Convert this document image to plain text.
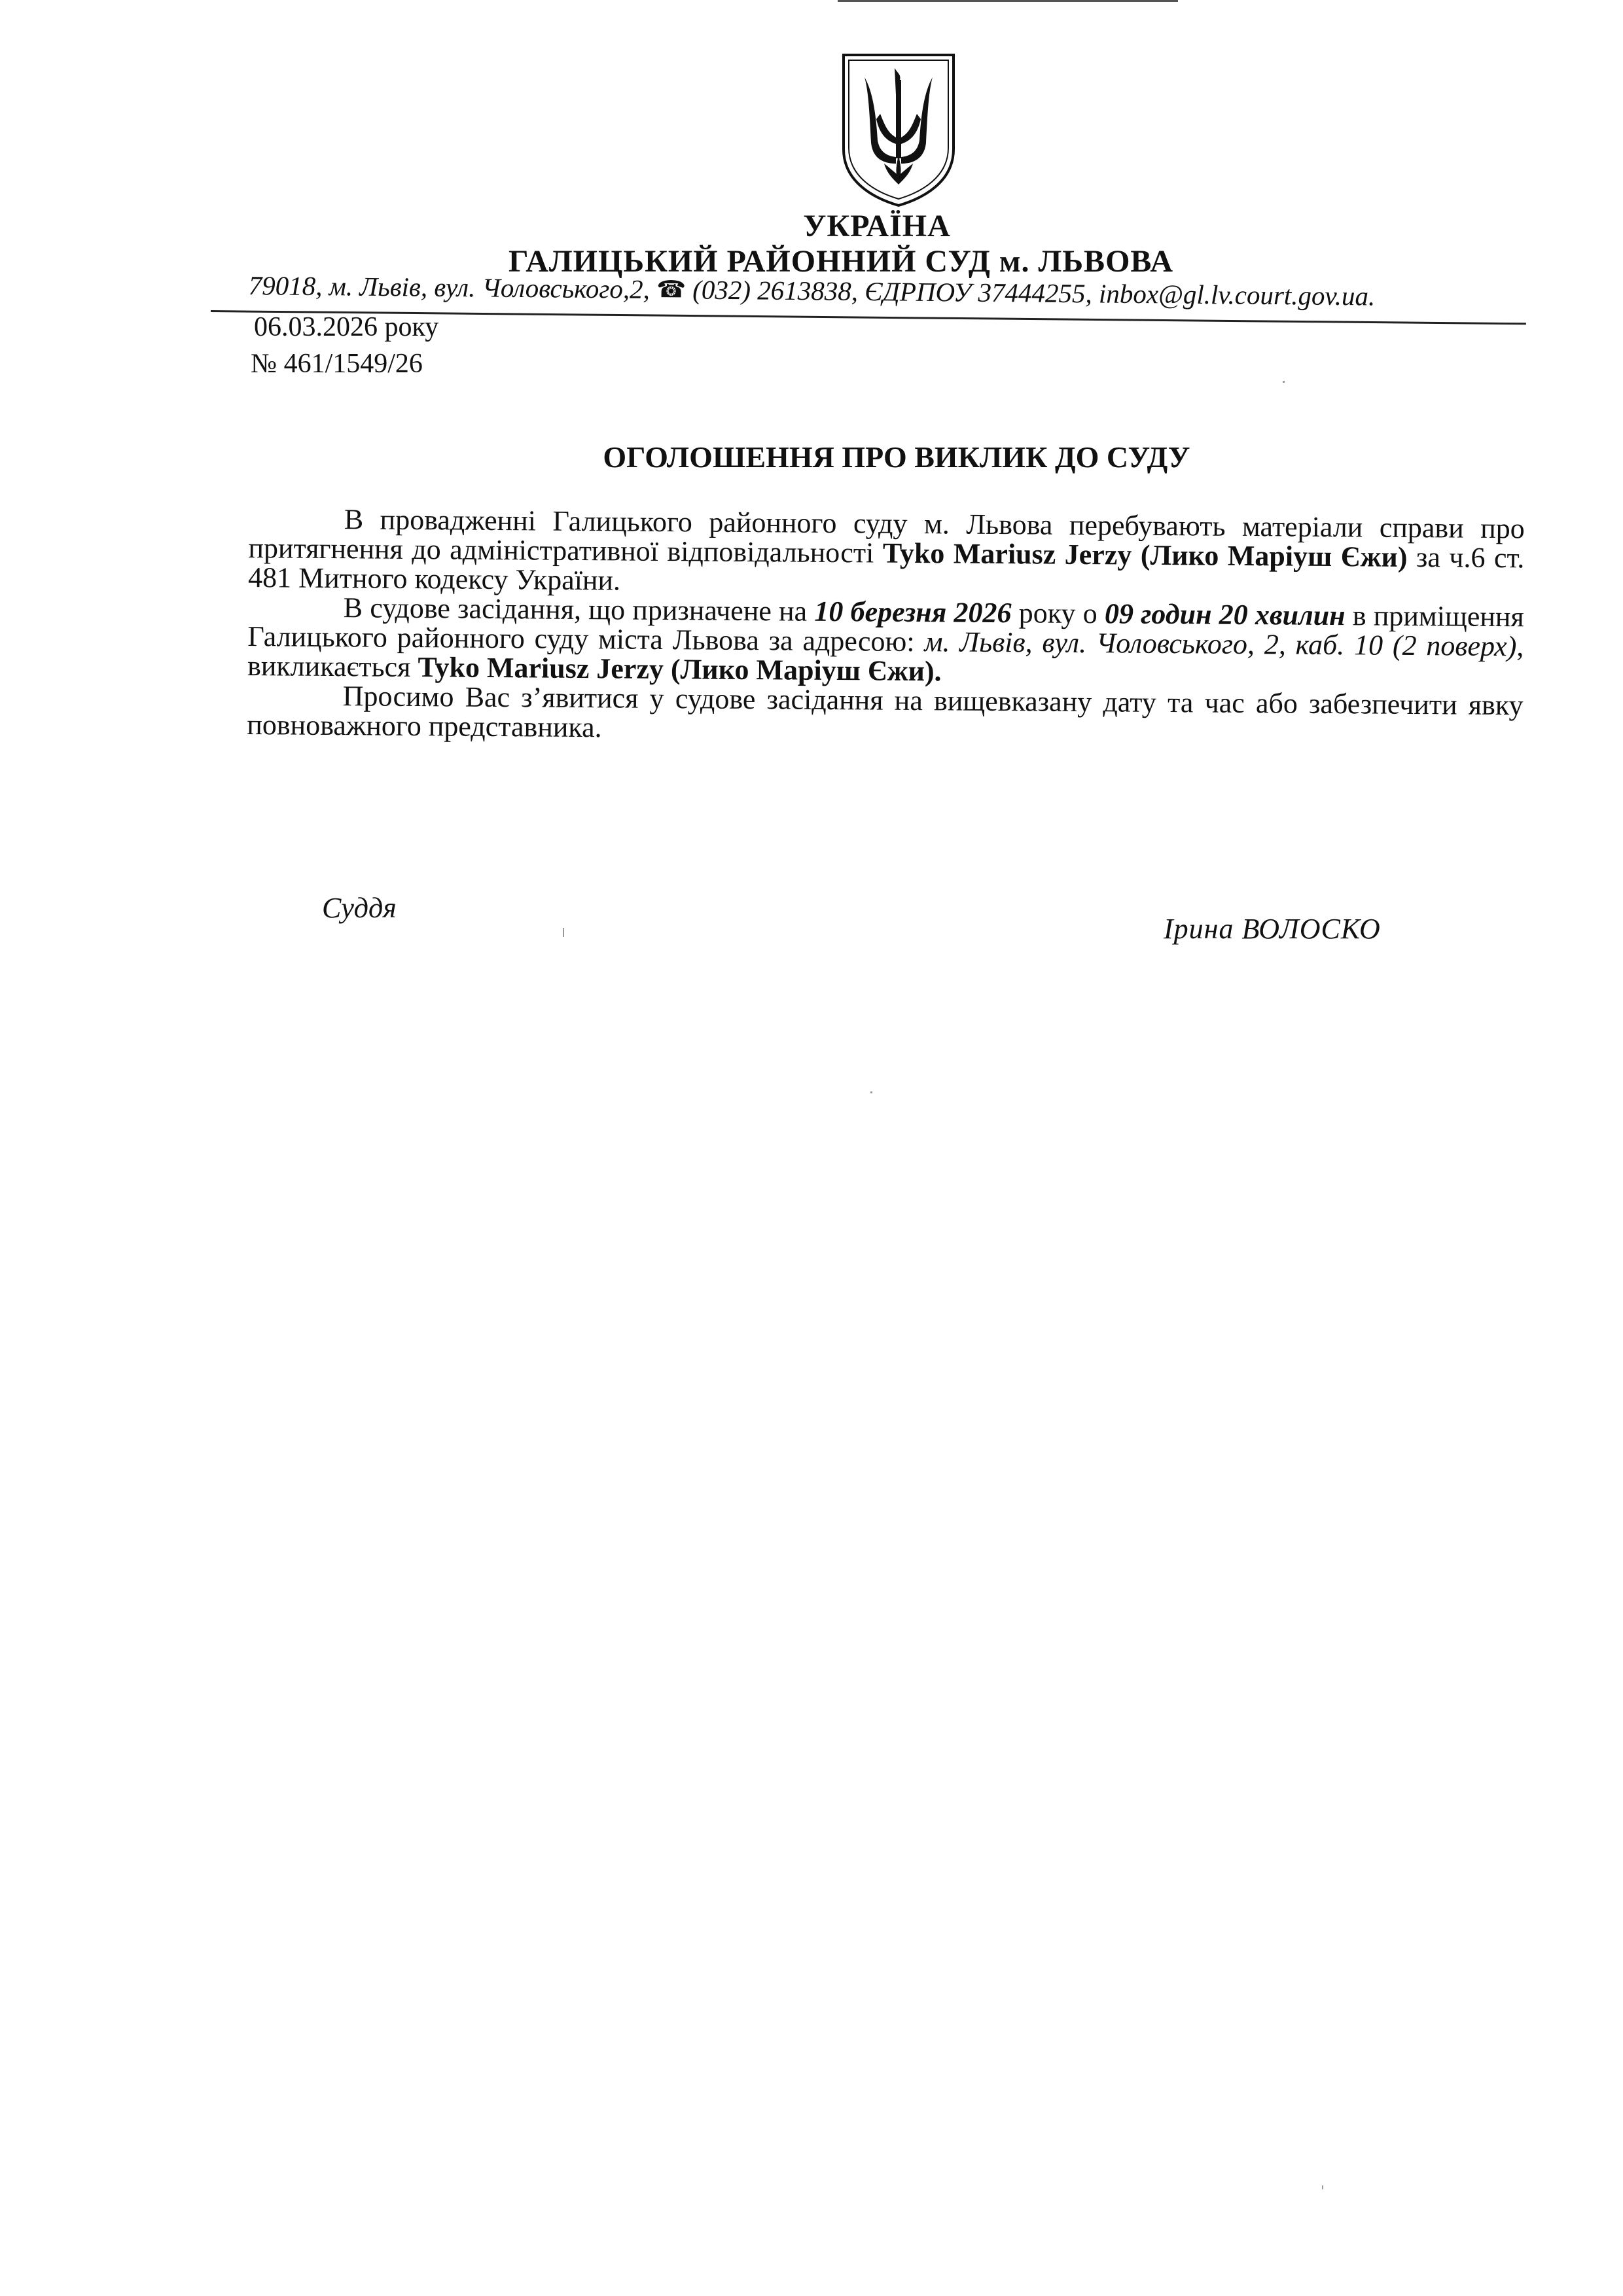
УКРАЇНА
ГАЛИЦЬКИЙ РАЙОННИЙ СУД м. ЛЬВОВА
79018, м. Львів, вул. Чоловського,2, ☎ (032) 2613838, ЄДРПОУ 37444255, inbox@gl.lv.court.gov.ua.
06.03.2026 року
№ 461/1549/26
ОГОЛОШЕННЯ ПРО ВИКЛИК ДО СУДУ

В провадженні Галицького районного суду м. Львова перебувають матеріали справи про притягнення до адміністративної відповідальності Tyko Mariusz Jerzy (Лико Маріуш Єжи) за ч.6 ст. 481 Митного кодексу України.

В судове засідання, що призначене на 10 березня 2026 року о 09 годин 20 хвилин в приміщення Галицького районного суду міста Львова за адресою: м. Львів, вул. Чоловського, 2, каб. 10 (2 поверх), викликається Tyko Mariusz Jerzy (Лико Маріуш Єжи).

Просимо Вас з’явитися у судове засідання на вищевказану дату та час або забезпечити явку повноважного представника.

Суддя
Ірина ВОЛОСКО
